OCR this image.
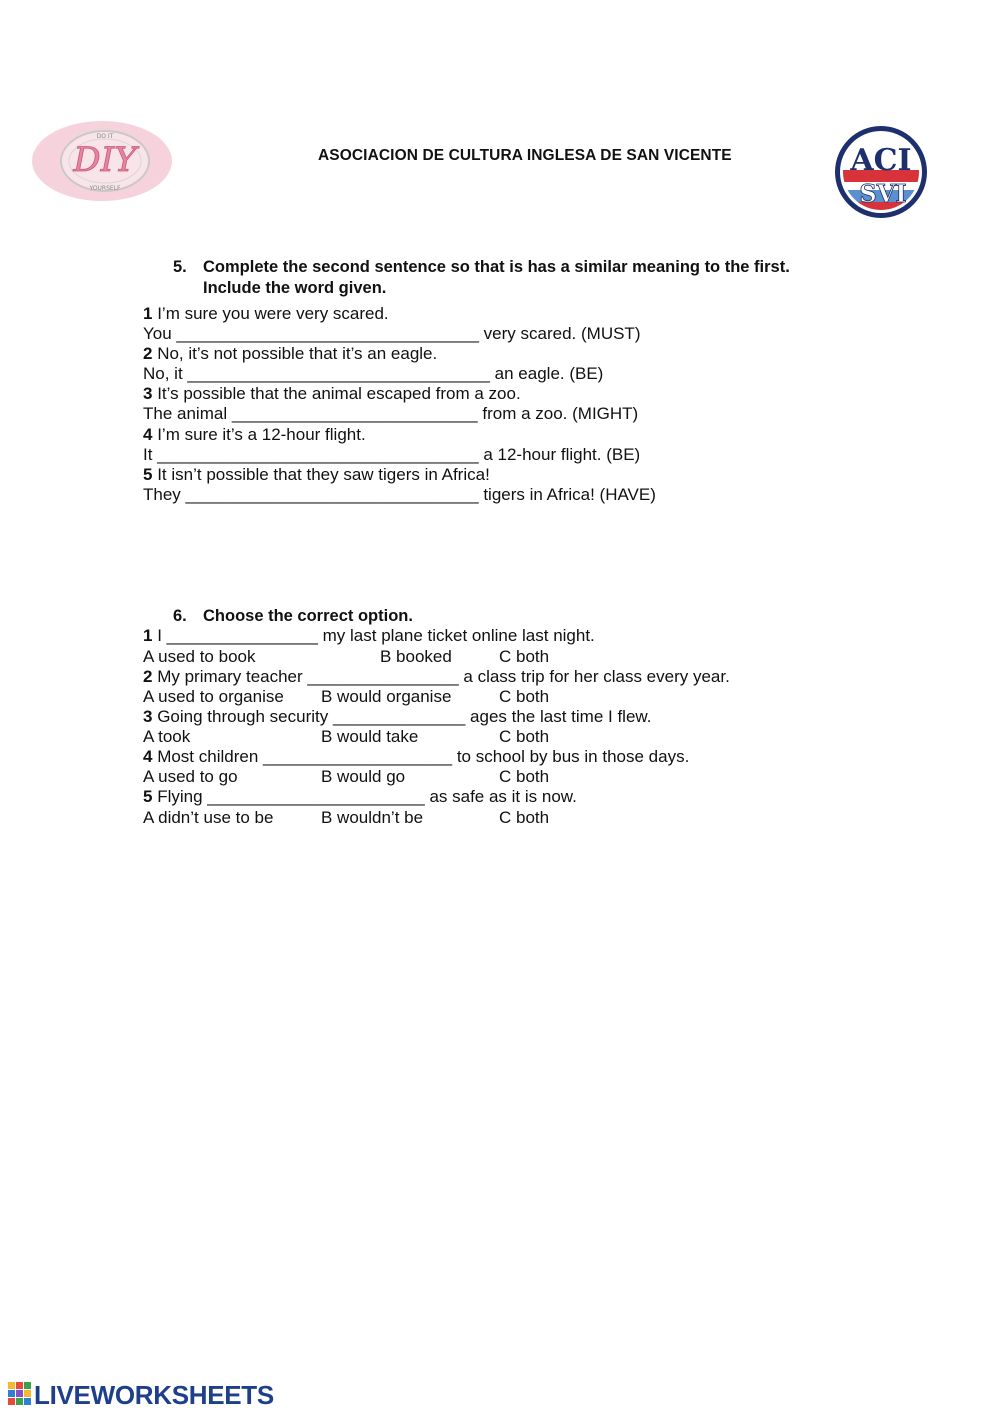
DIY
DO IT
YOURSELF
ASOCIACION DE CULTURA INGLESA DE SAN VICENTE	ACI
SVI
5. Complete the second sentence so that is has a similar meaning to the first.
Include the word given.
1 I’m sure you were very scared.
You ________________________________ very scared. (MUST)
2 No, it’s not possible that it’s an eagle.
No, it ________________________________ an eagle. (BE)
3 It’s possible that the animal escaped from a zoo.
The animal __________________________ from a zoo. (MIGHT)
4 I’m sure it’s a 12-hour flight.
It __________________________________ a 12-hour flight. (BE)
5 It isn’t possible that they saw tigers in Africa!
They _______________________________ tigers in Africa! (HAVE)
6. Choose the correct option.
1 I ________________ my last plane ticket online last night.
A used to book	B booked	C both
2 My primary teacher ________________ a class trip for her class every year.
A used to organise B would organise	C both
3 Going through security ______________ ages the last time I flew.
A took	B would take	C both
4 Most children ____________________ to school by bus in those days.
A used to go	B would go	C both
5 Flying _______________________ as safe as it is now.
A didn’t use to be	B wouldn’t be	C both
LIVEWORKSHEETS
